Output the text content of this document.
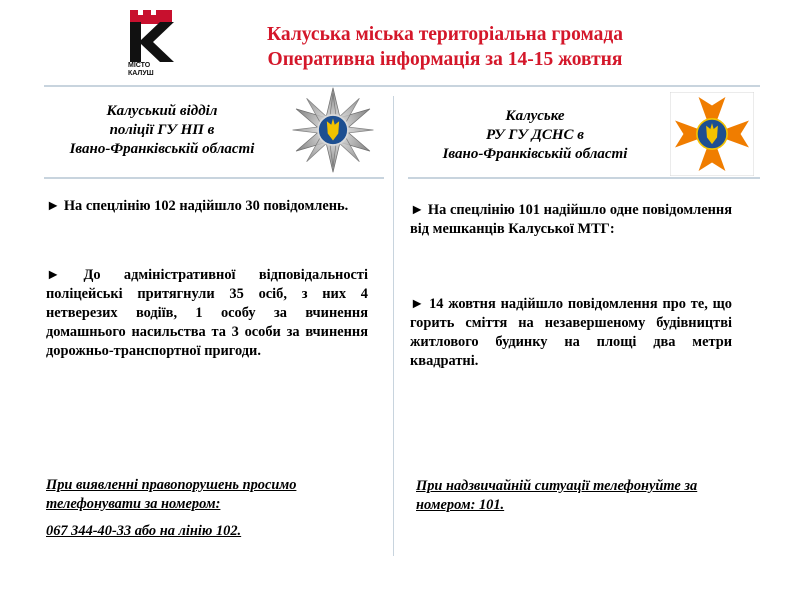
МІСТО
КАЛУШ
Калуська міська територіальна громада
Оперативна інформація за 14-15 жовтня
Калуський відділ
поліції ГУ НП в
Івано-Франківській області
► На спецлінію 102 надійшло 30 повідомлень.
► До адміністративної відповідальності поліцейські притягнули 35 осіб, з них 4 нетверезих водіїв, 1 особу за вчинення домашнього насильства та 3 особи за вчинення дорожньо-транспортної пригоди.
При виявленні правопорушень просимо телефонувати за номером:
067 344-40-33 або на лінію 102.
Калуське
РУ ГУ ДСНС в
Івано-Франківській області
► На спецлінію 101 надійшло одне повідомлення від мешканців Калуської МТГ:
► 14 жовтня надійшло повідомлення про те, що горить сміття на незавершеному будівництві житлового будинку на площі два метри квадратні.
При надзвичайній ситуації телефонуйте за номером: 101.
